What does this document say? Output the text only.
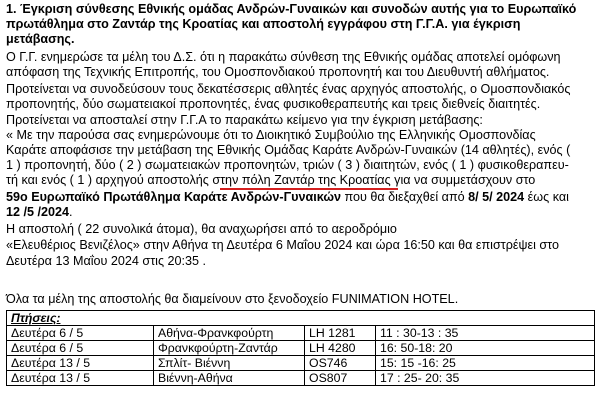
1. Έγκριση σύνθεσης Εθνικής ομάδας Ανδρών-Γυναικών και συνοδών αυτής για το Ευρωπαϊκό
πρωτάθλημα στο Ζαντάρ της Κροατίας και αποστολή εγγράφου στη Γ.Γ.Α. για έγκριση
μετάβασης.
Ο Γ.Γ. ενημερώσε τα μέλη του Δ.Σ. ότι η παρακάτω σύνθεση της Εθνικής ομάδας αποτελεί ομόφωνη
απόφαση της Τεχνικής Επιτροπής, του Ομοσπονδιακού προπονητή και του Διευθυντή αθλήματος.
Προτείνεται να συνοδεύσουν τους δεκατέσσερις αθλητές ένας αρχηγός αποστολής, ο Ομοσπονδιακός
προπονητής, δύο σωματειακοί προπονητές, ένας φυσικοθεραπευτής και τρεις διεθνείς διαιτητές.
Προτείνεται να αποσταλεί στην Γ.Γ.Α το παρακάτω κείμενο για την έγκριση μετάβασης:
« Με την παρούσα σας ενημερώνουμε ότι το Διοικητικό Συμβούλιο της Ελληνικής Ομοσπονδίας
Καράτε αποφάσισε την μετάβαση της Εθνικής Ομάδας Καράτε Ανδρών-Γυναικών (14 αθλητές), ενός (
1 ) προπονητή, δύο ( 2 ) σωματειακών προπονητών, τριών ( 3 ) διαιτητών, ενός ( 1 ) φυσικοθεραπευ-
τή και ενός ( 1 ) αρχηγού αποστολής στην πόλη Ζαντάρ της Κροατίας για να συμμετάσχουν στο
59ο Ευρωπαϊκό Πρωτάθλημα Καράτε Ανδρών-Γυναικών που θα διεξαχθεί από 8/ 5/ 2024 έως και
12 /5 /2024.
Η αποστολή ( 22 συνολικά άτομα), θα αναχωρήσει από το αεροδρόμιο
«Ελευθέριος Βενιζέλος» στην Αθήνα τη Δευτέρα 6 Μαΐου 2024 και ώρα 16:50 και θα επιστρέψει στο
Δευτέρα 13 Μαΐου 2024 στις 20:35 .
Όλα τα μέλη της αποστολής θα διαμείνουν στο ξενοδοχείο FUNIMATION HOTEL.
Πτήσεις:			
Δευτέρα 6 / 5	Αθήνα-Φρανκφούρτη	LH 1281	11 : 30-13 : 35
Δευτέρα 6 / 5	Φρανκφούρτη-Ζαντάρ	LH 4280	16: 50-18: 20
Δευτέρα 13 / 5	Σπλίτ- Βιέννη	OS746	15: 15 -16: 25
Δευτέρα 13 / 5	Βιέννη-Αθήνα	OS807	17 : 25- 20: 35
